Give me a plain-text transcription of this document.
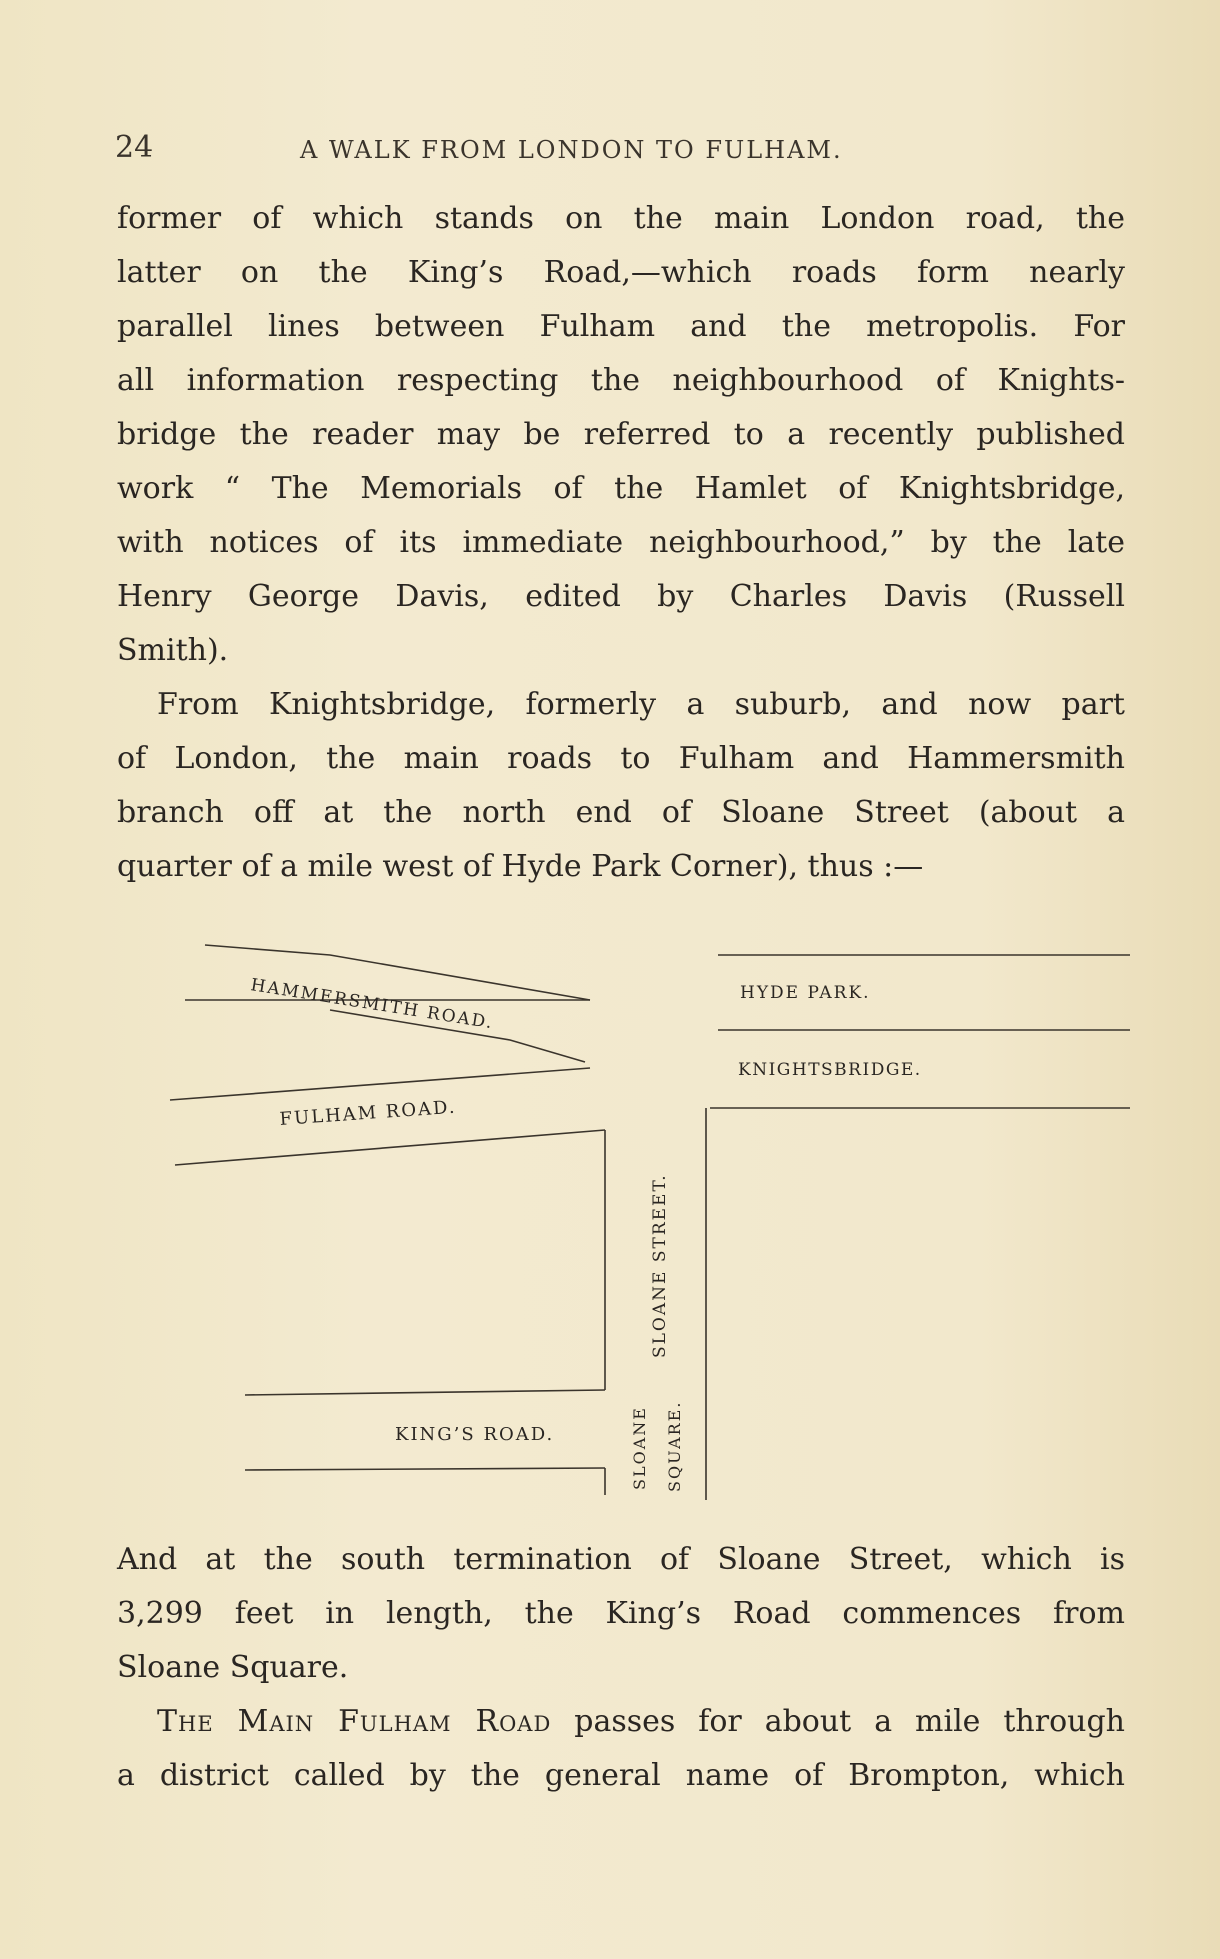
24	A WALK FROM LONDON TO FULHAM.
former of which stands on the main London road, the
latter on the King’s Road,—which roads form nearly
parallel lines between Fulham and the metropolis. For
all information respecting the neighbourhood of Knights-
bridge the reader may be referred to a recently published
work “ The Memorials of the Hamlet of Knightsbridge,
with notices of its immediate neighbourhood,” by the late
Henry George Davis, edited by Charles Davis (Russell
Smith).
From Knightsbridge, formerly a suburb, and now part
of London, the main roads to Fulham and Hammersmith
branch off at the north end of Sloane Street (about a
quarter of a mile west of Hyde Park Corner), thus :—
HAMMERSMITH ROAD.
FULHAM ROAD.
HYDE PARK.
KNIGHTSBRIDGE.
SLOANE STREET.
KING’S ROAD.	SLOANE SQUARE.
And at the south termination of Sloane Street, which is
3,299 feet in length, the King’s Road commences from
Sloane Square.
The Main Fulham Road passes for about a mile through
a district called by the general name of Brompton, which
